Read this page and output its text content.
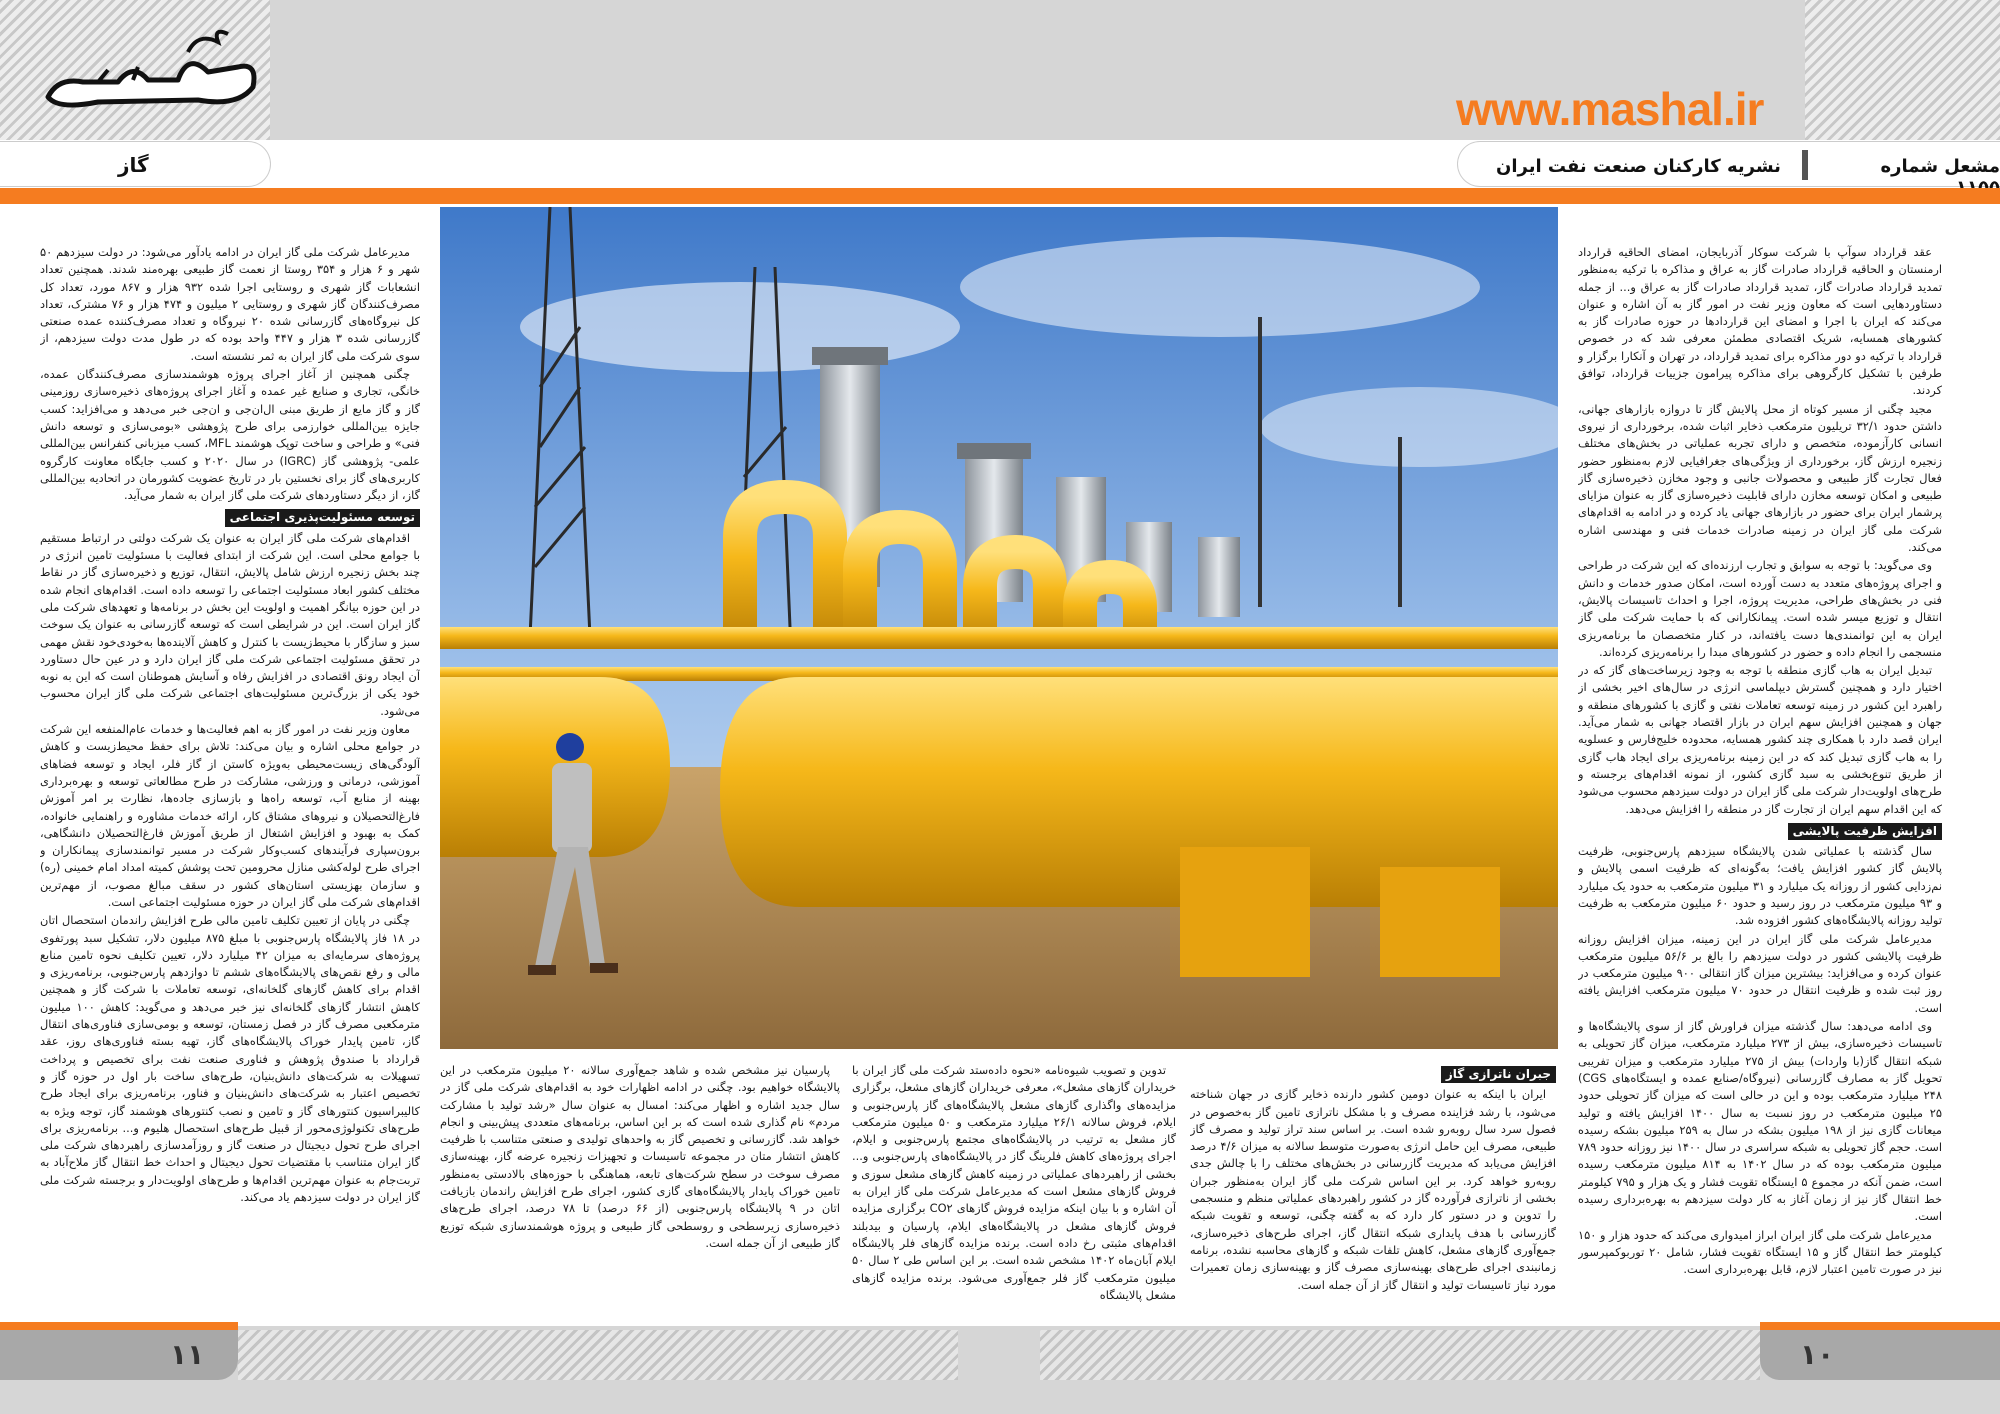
www.mashal.ir
گاز	نشریه کارکنان صنعت نفت ایران	مشعل شماره

عقد قرارداد سوآپ با شرکت سوکار آذربایجان، امضای الحاقیه قرارداد ارمنستان و الحاقیه قرارداد صادرات گاز به عراق و مذاکره با ترکیه به‌منظور تمدید قرارداد صادرات گاز، تمدید قرارداد صادرات گاز به عراق و... از جمله دستاوردهایی است که معاون وزیر نفت در امور گاز به آن اشاره و عنوان می‌کند که ایران با اجرا و امضای این قراردادها در حوزه صادرات گاز به کشورهای همسایه، شریک اقتصادی مطمئن معرفی شد که در خصوص قرارداد با ترکیه دو دور مذاکره برای تمدید قرارداد، در تهران و آنکارا برگزار و طرفین با تشکیل کارگروهی برای مذاکره پیرامون جزییات قرارداد، توافق کردند.

مجید چگنی از مسیر کوتاه از محل پالایش گاز تا دروازه بازارهای جهانی، داشتن حدود ۳۲/۱ تریلیون مترمکعب ذخایر اثبات شده، برخورداری از نیروی انسانی کارآزموده، متخصص و دارای تجربه عملیاتی در بخش‌های مختلف زنجیره ارزش گاز، برخورداری از ویژگی‌های جغرافیایی لازم به‌منظور حضور فعال تجارت گاز طبیعی و محصولات جانبی و وجود مخازن ذخیره‌سازی گاز طبیعی و امکان توسعه مخازن دارای قابلیت ذخیره‌سازی گاز به عنوان مزایای پرشمار ایران برای حضور در بازارهای جهانی یاد کرده و در ادامه به اقدام‌های شرکت ملی گاز ایران در زمینه صادرات خدمات فنی و مهندسی اشاره می‌کند.

وی می‌گوید: با توجه به سوابق و تجارب ارزنده‌ای که این شرکت در طراحی و اجرای پروژه‌های متعدد به دست آورده است، امکان صدور خدمات و دانش فنی در بخش‌های طراحی، مدیریت پروژه، اجرا و احداث تاسیسات پالایش، انتقال و توزیع میسر شده است. پیمانکارانی که با حمایت شرکت ملی گاز ایران به این توانمندی‌ها دست یافته‌اند، در کنار متخصصان ما برنامه‌ریزی منسجمی را انجام داده و حضور در کشورهای مبدا را برنامه‌ریزی کرده‌اند.

تبدیل ایران به هاب گازی منطقه با توجه به وجود زیرساخت‌های گاز که در اختیار دارد و همچنین گسترش دیپلماسی انرژی در سال‌های اخیر بخشی از راهبرد این کشور در زمینه توسعه تعاملات نفتی و گازی با کشورهای منطقه و جهان و همچنین افزایش سهم ایران در بازار اقتصاد جهانی به شمار می‌آید. ایران قصد دارد با همکاری چند کشور همسایه، محدوده خلیج‌فارس و عسلویه را به هاب گازی تبدیل کند که در این زمینه برنامه‌ریزی برای ایجاد هاب گازی از طریق تنوع‌بخشی به سبد گازی کشور، از نمونه اقدام‌های برجسته و طرح‌های اولویت‌دار شرکت ملی گاز ایران در دولت سیزدهم محسوب می‌شود که این اقدام سهم ایران از تجارت گاز در منطقه را افزایش می‌دهد.

افزایش ظرفیت پالایشی

سال گذشته با عملیاتی شدن پالایشگاه سیزدهم پارس‌جنوبی، ظرفیت پالایش گاز کشور افزایش یافت؛ به‌گونه‌ای که ظرفیت اسمی پالایش و نم‌زدایی کشور از روزانه یک میلیارد و ۳۱ میلیون مترمکعب به حدود یک میلیارد و ۹۳ میلیون مترمکعب در روز رسید و حدود ۶۰ میلیون مترمکعب به ظرفیت تولید روزانه پالایشگاه‌های کشور افزوده شد.

مدیرعامل شرکت ملی گاز ایران در این زمینه، میزان افزایش روزانه ظرفیت پالایشی کشور در دولت سیزدهم را بالغ بر ۵۶/۶ میلیون مترمکعب عنوان کرده و می‌افزاید: بیشترین میزان گاز انتقالی ۹۰۰ میلیون مترمکعب در روز ثبت شده و ظرفیت انتقال در حدود ۷۰ میلیون مترمکعب افزایش یافته است.

وی ادامه می‌دهد: سال گذشته میزان فراورش گاز از سوی پالایشگاه‌ها و تاسیسات ذخیره‌سازی، بیش از ۲۷۳ میلیارد مترمکعب، میزان گاز تحویلی به شبکه انتقال گاز(با واردات) بیش از ۲۷۵ میلیارد مترمکعب و میزان تفریبی تحویل گاز به مصارف گازرسانی (نیروگاه/صنایع عمده و ایستگاه‌های CGS) ۲۴۸ میلیارد مترمکعب بوده و این در حالی است که میزان گاز تحویلی حدود ۲۵ میلیون مترمکعب در روز نسبت به سال ۱۴۰۰ افزایش یافته و تولید میعانات گازی نیز از ۱۹۸ میلیون بشکه در سال به ۲۵۹ میلیون بشکه رسیده است. حجم گاز تحویلی به شبکه سراسری در سال ۱۴۰۰ نیز روزانه حدود ۷۸۹ میلیون مترمکعب بوده که در سال ۱۴۰۲ به ۸۱۴ میلیون مترمکعب رسیده است، ضمن آنکه در مجموع ۵ ایستگاه تقویت فشار و یک هزار و ۷۹۵ کیلومتر خط انتقال گاز نیز از زمان آغاز به کار دولت سیزدهم به بهره‌برداری رسیده است.

مدیرعامل شرکت ملی گاز ایران ابراز امیدواری می‌کند که حدود هزار و ۱۵۰ کیلومتر خط انتقال گاز و ۱۵ ایستگاه تقویت فشار، شامل ۲۰ توربوکمپرسور نیز در صورت تامین اعتبار لازم، قابل بهره‌برداری است.

مدیرعامل شرکت ملی گاز ایران در ادامه یادآور می‌شود: در دولت سیزدهم ۵۰ شهر و ۶ هزار و ۳۵۴ روستا از نعمت گاز طبیعی بهره‌مند شدند. همچنین تعداد انشعابات گاز شهری و روستایی اجرا شده ۹۳۲ هزار و ۸۶۷ مورد، تعداد کل مصرف‌کنندگان گاز شهری و روستایی ۲ میلیون و ۴۷۴ هزار و ۷۶ مشترک، تعداد کل نیروگاه‌های گازرسانی شده ۲۰ نیروگاه و تعداد مصرف‌کننده عمده صنعتی گازرسانی شده ۳ هزار و ۴۴۷ واحد بوده که در طول مدت دولت سیزدهم، از سوی شرکت ملی گاز ایران به ثمر نشسته است.

چگنی همچنین از آغاز اجرای پروژه هوشمندسازی مصرف‌کنندگان عمده، خانگی، تجاری و صنایع غیر عمده و آغاز اجرای پروژه‌های ذخیره‌سازی روزمینی گاز و گاز مایع از طریق مبنی ال‌ان‌جی و ان‌جی خبر می‌دهد و می‌افزاید: کسب جایزه بین‌المللی خوارزمی برای طرح پژوهشی «بومی‌سازی و توسعه دانش فنی» و طراحی و ساخت توپک هوشمند MFL، کسب میزبانی کنفرانس بین‌المللی علمی- پژوهشی گاز (IGRC) در سال ۲۰۲۰ و کسب جایگاه معاونت کارگروه کاربری‌های گاز برای نخستین بار در تاریخ عضویت کشورمان در اتحادیه بین‌المللی گاز، از دیگر دستاوردهای شرکت ملی گاز ایران به شمار می‌آید.

توسعه مسئولیت‌پذیری اجتماعی

اقدام‌های شرکت ملی گاز ایران به عنوان یک شرکت دولتی در ارتباط مستقیم با جوامع محلی است. این شرکت از ابتدای فعالیت با مسئولیت تامین انرژی در چند بخش زنجیره ارزش شامل پالایش، انتقال، توزیع و ذخیره‌سازی گاز در نقاط مختلف کشور ابعاد مسئولیت اجتماعی را توسعه داده است. اقدام‌های انجام شده در این حوزه بیانگر اهمیت و اولویت این بخش در برنامه‌ها و تعهدهای شرکت ملی گاز ایران است. این در شرایطی است که توسعه گازرسانی به عنوان یک سوخت سبز و سازگار با محیط‌زیست با کنترل و کاهش آلاینده‌ها به‌خودی‌خود نقش مهمی در تحقق مسئولیت اجتماعی شرکت ملی گاز ایران دارد و در عین حال دستاورد آن ایجاد رونق اقتصادی در افزایش رفاه و آسایش هموطنان است که این به نوبه خود یکی از بزرگ‌ترین مسئولیت‌های اجتماعی شرکت ملی گاز ایران محسوب می‌شود.

معاون وزیر نفت در امور گاز به اهم فعالیت‌ها و خدمات عام‌المنفعه این شرکت در جوامع محلی اشاره و بیان می‌کند: تلاش برای حفظ محیط‌زیست و کاهش آلودگی‌های زیست‌محیطی به‌ویژه کاستن از گاز فلر، ایجاد و توسعه فضاهای آموزشی، درمانی و ورزشی، مشارکت در طرح مطالعاتی توسعه و بهره‌برداری بهینه از منابع آب، توسعه راه‌ها و بازسازی جاده‌ها، نظارت بر امر آموزش فارغ‌التحصیلان و نیروهای مشتاق کار، ارائه خدمات مشاوره و راهنمایی خانواده، کمک به بهبود و افزایش اشتغال از طریق آموزش فارغ‌التحصیلان دانشگاهی، برون‌سپاری فرآیندهای کسب‌وکار شرکت در مسیر توانمندسازی پیمانکاران و اجرای طرح لوله‌کشی منازل محرومین تحت پوشش کمیته امداد امام خمینی (ره) و سازمان بهزیستی استان‌های کشور در سقف مبالغ مصوب، از مهم‌ترین اقدام‌های شرکت ملی گاز ایران در حوزه مسئولیت اجتماعی است.

چگنی در پایان از تعیین تکلیف تامین مالی طرح افزایش راندمان استحصال اتان در ۱۸ فاز پالایشگاه پارس‌جنوبی با مبلغ ۸۷۵ میلیون دلار، تشکیل سبد پورتفوی پروژه‌های سرمایه‌ای به میزان ۴۲ میلیارد دلار، تعیین تکلیف نحوه تامین منابع مالی و رفع نقص‌های پالایشگاه‌های ششم تا دوازدهم پارس‌جنوبی، برنامه‌ریزی و اقدام برای کاهش گازهای گلخانه‌ای، توسعه تعاملات با شرکت گاز و همچنین کاهش انتشار گازهای گلخانه‌ای نیز خبر می‌دهد و می‌گوید: کاهش ۱۰۰ میلیون مترمکعبی مصرف گاز در فصل زمستان، توسعه و بومی‌سازی فناوری‌های انتقال گاز، تامین پایدار خوراک پالایشگاه‌های گاز، تهیه بسته فناوری‌های روز، عقد قرارداد با صندوق پژوهش و فناوری صنعت نفت برای تخصیص و پرداخت تسهیلات به شرکت‌های دانش‌بنیان، طرح‌های ساخت بار اول در حوزه گاز و تخصیص اعتبار به شرکت‌های دانش‌بنیان و فناور، برنامه‌ریزی برای ایجاد طرح کالیبراسیون کنتورهای گاز و تامین و نصب کنتورهای هوشمند گاز، توجه ویژه به طرح‌های تکنولوژی‌محور از قبیل طرح‌های استحصال هلیوم و... برنامه‌ریزی برای اجرای طرح تحول دیجیتال در صنعت گاز و روزآمدسازی راهبردهای شرکت ملی گاز ایران متناسب با مقتضیات تحول دیجیتال و احداث خط انتقال گاز ملاح‌آباد به تربت‌جام به عنوان مهم‌ترین اقدام‌ها و طرح‌های اولویت‌دار و برجسته شرکت ملی گاز ایران در دولت سیزدهم یاد می‌کند.

جبران ناترازی گاز

ایران با اینکه به عنوان دومین کشور دارنده ذخایر گازی در جهان شناخته می‌شود، با رشد فزاینده مصرف و با مشکل ناترازی تامین گاز به‌خصوص در فصول سرد سال روبه‌رو شده است. بر اساس سند تراز تولید و مصرف گاز طبیعی، مصرف این حامل انرژی به‌صورت متوسط سالانه به میزان ۴/۶ درصد افزایش می‌یابد که مدیریت گازرسانی در بخش‌های مختلف را با چالش جدی روبه‌رو خواهد کرد. بر این اساس شرکت ملی گاز ایران به‌منظور جبران بخشی از ناترازی فرآورده گاز در کشور راهبردهای عملیاتی منظم و منسجمی را تدوین و در دستور کار دارد که به گفته چگنی، توسعه و تقویت شبکه گازرسانی با هدف پایداری شبکه انتقال گاز، اجرای طرح‌های ذخیره‌سازی، جمع‌آوری گازهای مشعل، کاهش تلفات شبکه و گازهای محاسبه نشده، برنامه زمانبندی اجرای طرح‌های بهینه‌سازی مصرف گاز و بهینه‌سازی زمان تعمیرات مورد نیاز تاسیسات تولید و انتقال گاز از آن جمله است.

تدوین و تصویب شیوه‌نامه «نحوه داده‌ستد شرکت ملی گاز ایران با خریداران گازهای مشعل»، معرفی خریداران گازهای مشعل، برگزاری مزایده‌های واگذاری گازهای مشعل پالایشگاه‌های گاز پارس‌جنوبی و ایلام، فروش سالانه ۲۶/۱ میلیارد مترمکعب و ۵۰ میلیون مترمکعب گاز مشعل به ترتیب در پالایشگاه‌های مجتمع پارس‌جنوبی و ایلام، اجرای پروژه‌های کاهش فلرینگ گاز در پالایشگاه‌های پارس‌جنوبی و... بخشی از راهبردهای عملیاتی در زمینه کاهش گازهای مشعل سوزی و فروش گازهای مشعل است که مدیرعامل شرکت ملی گاز ایران به آن اشاره و با بیان اینکه مزایده فروش گازهای CO۲ برگزاری مزایده فروش گازهای مشعل در پالایشگاه‌های ایلام، پارسیان و بیدبلند اقدام‌های مثبتی رخ داده است. برنده مزایده گازهای فلر پالایشگاه ایلام آبان‌ماه ۱۴۰۲ مشخص شده است. بر این اساس طی ۲ سال ۵۰ میلیون مترمکعب گاز فلر جمع‌آوری می‌شود. برنده مزایده گازهای مشعل پالایشگاه

پارسیان نیز مشخص شده و شاهد جمع‌آوری سالانه ۲۰ میلیون مترمکعب در این پالایشگاه خواهیم بود. چگنی در ادامه اظهارات خود به اقدام‌های شرکت ملی گاز در سال جدید اشاره و اظهار می‌کند: امسال به عنوان سال «رشد تولید با مشارکت مردم» نام گذاری شده است که بر این اساس، برنامه‌های متعددی پیش‌بینی و انجام خواهد شد. گازرسانی و تخصیص گاز به واحدهای تولیدی و صنعتی متناسب با ظرفیت کاهش انتشار متان در مجموعه تاسیسات و تجهیزات زنجیره عرضه گاز، بهینه‌سازی مصرف سوخت در سطح شرکت‌های تابعه، هماهنگی با حوزه‌های بالادستی به‌منظور تامین خوراک پایدار پالایشگاه‌های گازی کشور، اجرای طرح افزایش راندمان بازیافت اتان در ۹ پالایشگاه پارس‌جنوبی (از ۶۶ درصد) تا ۷۸ درصد، اجرای طرح‌های ذخیره‌سازی زیرسطحی و روسطحی گاز طبیعی و پروژه هوشمندسازی شبکه توزیع گاز طبیعی از آن جمله است.

۱۱	۱۰
